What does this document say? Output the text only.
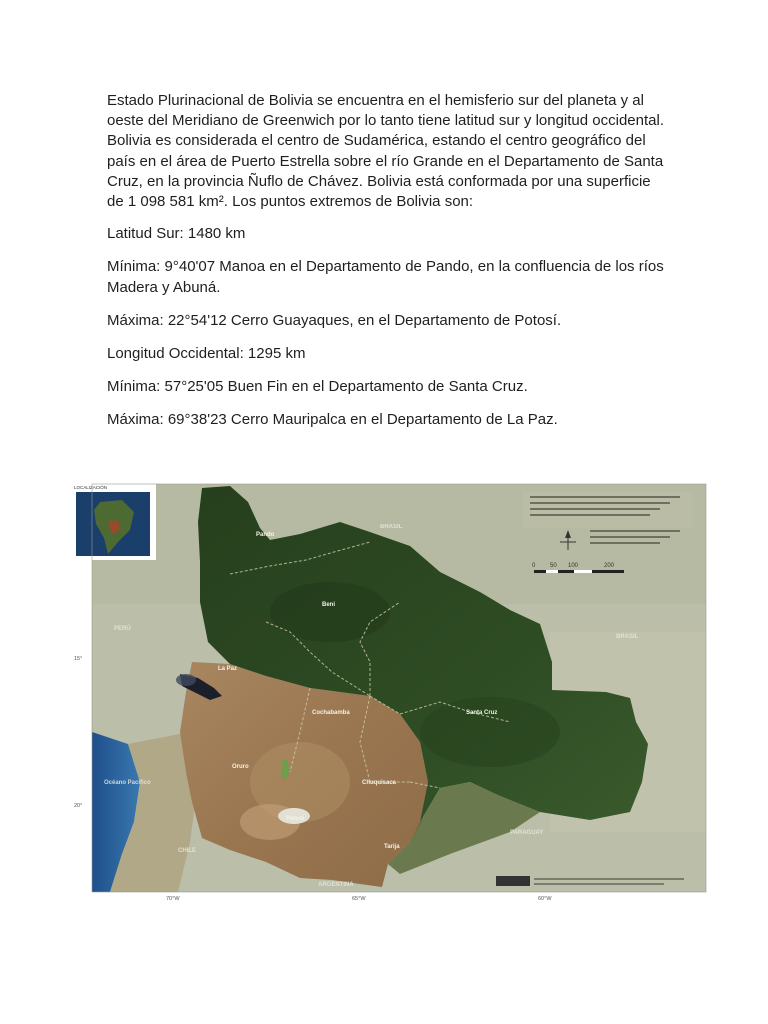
Estado Plurinacional de Bolivia se encuentra en el hemisferio sur del planeta y al oeste del Meridiano de Greenwich por lo tanto tiene latitud sur y longitud occidental. Bolivia es considerada el centro de Sudamérica, estando el centro geográfico del país en el área de Puerto Estrella sobre el río Grande en el Departamento de Santa Cruz, en la provincia Ñuflo de Chávez. Bolivia está conformada por una superficie de 1 098 581 km². Los puntos extremos de Bolivia son:

Latitud Sur: 1480 km

Mínima: 9°40'07 Manoa en el Departamento de Pando, en la confluencia de los ríos Madera y Abuná.

Máxima: 22°54'12 Cerro Guayaques, en el Departamento de Potosí.

Longitud Occidental: 1295 km

Mínima: 57°25'05 Buen Fin en el Departamento de Santa Cruz.

Máxima: 69°38'23 Cerro Mauripalca en el Departamento de La Paz.

LOCALIZACIÓN
0 50 100	200
BRASIL
PERÚ
BRASIL
CHILE
PARAGUAY
ARGENTINA
Océano Pacífico
Pando
Beni
La Paz
Cochabamba	Santa Cruz
Oruro
Potosí
Chuquisaca
Tarija
15°
20°
70°W	65°W	60°W
